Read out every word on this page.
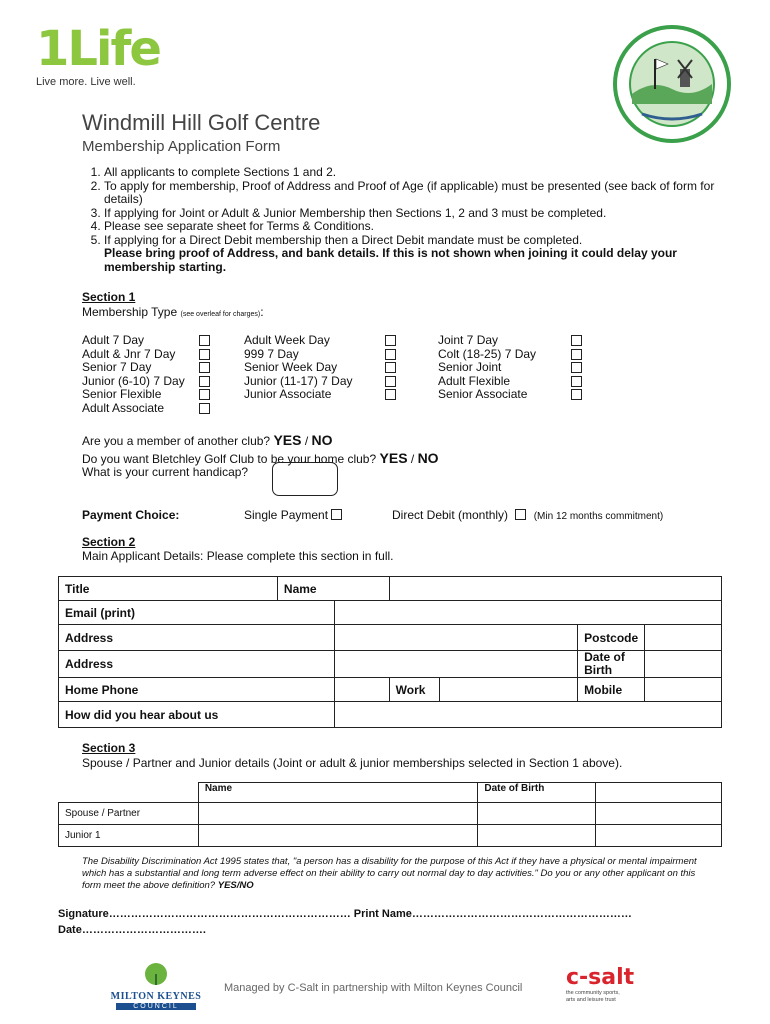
1Life
Live more. Live well.
Windmill Hill Golf Centre
Membership Application Form
1. All applicants to complete Sections 1 and 2.
2. To apply for membership, Proof of Address and Proof of Age (if applicable) must be presented (see back of form for details)
3. If applying for Joint or Adult & Junior Membership then Sections 1, 2 and 3 must be completed.
4. Please see separate sheet for Terms & Conditions.
5. If applying for a Direct Debit membership then a Direct Debit mandate must be completed.
Please bring proof of Address, and bank details. If this is not shown when joining it could delay your membership starting.
Section 1
Membership Type (see overleaf for charges):
Adult 7 Day
Adult & Jnr 7 Day
Senior 7 Day
Junior (6-10) 7 Day
Senior Flexible
Adult Associate
Adult Week Day
999 7 Day
Senior Week Day
Junior (11-17) 7 Day
Junior Associate
Joint 7 Day
Colt (18-25) 7 Day
Senior Joint
Adult Flexible
Senior Associate
Are you a member of another club? YES / NO
Do you want Bletchley Golf Club to be your home club? YES / NO
What is your current handicap?
Payment Choice:	Single Payment	Direct Debit (monthly)	(Min 12 months commitment)
Section 2
Main Applicant Details: Please complete this section in full.
Title	Name					
Email (print)						
Address					Postcode	
Address					Date of Birth	
Home Phone			Work		Mobile	
How did you hear about us						
Section 3
Spouse / Partner and Junior details (Joint or adult & junior memberships selected in Section 1 above).
	Name	Date of Birth	
Spouse / Partner			
Junior 1			
The Disability Discrimination Act 1995 states that, "a person has a disability for the purpose of this Act if they have a physical or mental impairment which has a substantial and long term adverse effect on their ability to carry out normal day to day activities." Do you or any other applicant on this form meet the above definition? YES/NO
Signature………………………………………………………… Print Name……………………………………………………
Date…………………………….
MILTON KEYNES
COUNCIL
Managed by C-Salt in partnership with Milton Keynes Council c-salt
the community sports, arts and leisure trust
